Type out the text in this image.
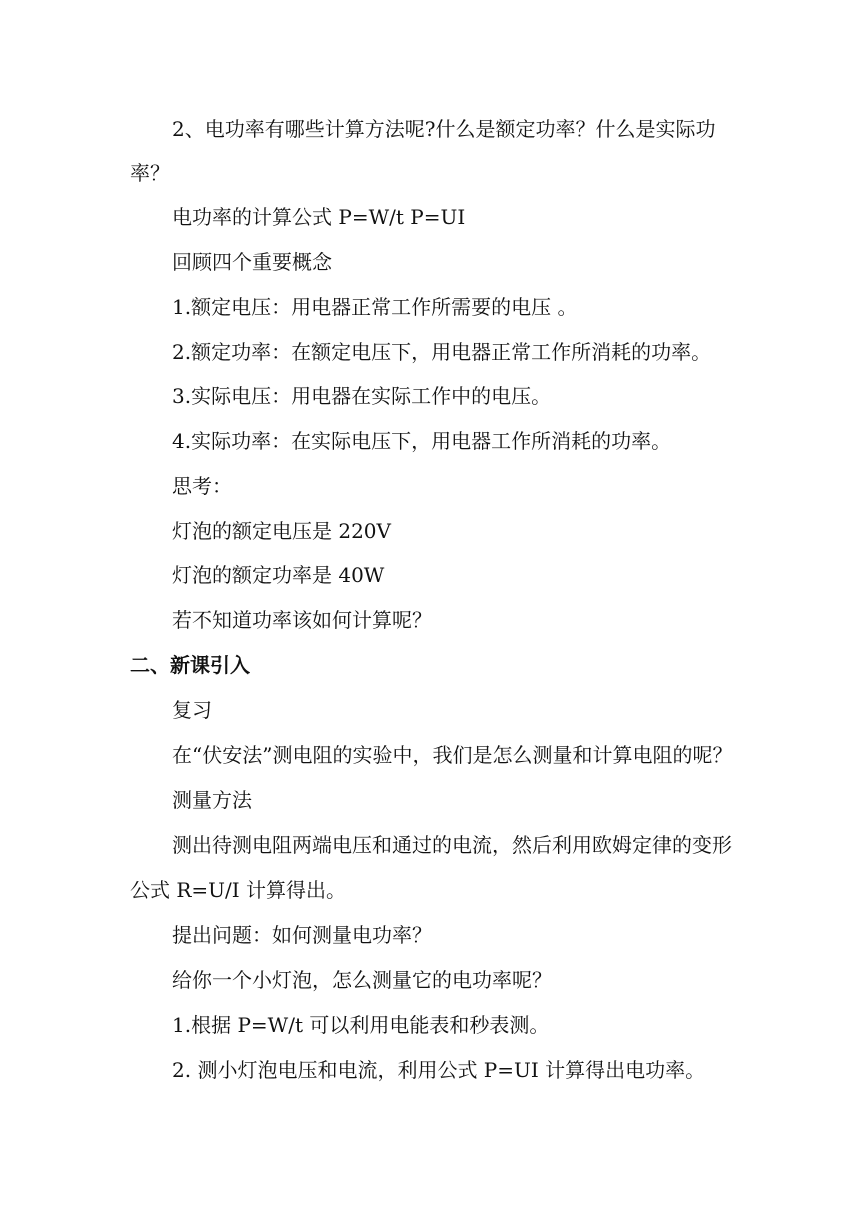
2、电功率有哪些计算方法呢?什么是额定功率？什么是实际功

率？

电功率的计算公式 P=W/t P=UI

回顾四个重要概念

1.额定电压：用电器正常工作所需要的电压 。

2.额定功率：在额定电压下，用电器正常工作所消耗的功率。

3.实际电压：用电器在实际工作中的电压。

4.实际功率：在实际电压下，用电器工作所消耗的功率。

思考：

灯泡的额定电压是 220V

灯泡的额定功率是 40W

若不知道功率该如何计算呢？

二、新课引入

复习

在“伏安法”测电阻的实验中，我们是怎么测量和计算电阻的呢？

测量方法

测出待测电阻两端电压和通过的电流，然后利用欧姆定律的变形

公式 R=U/I 计算得出。

提出问题：如何测量电功率？

给你一个小灯泡，怎么测量它的电功率呢？

1.根据 P=W/t 可以利用电能表和秒表测。

2. 测小灯泡电压和电流，利用公式 P=UI 计算得出电功率。
